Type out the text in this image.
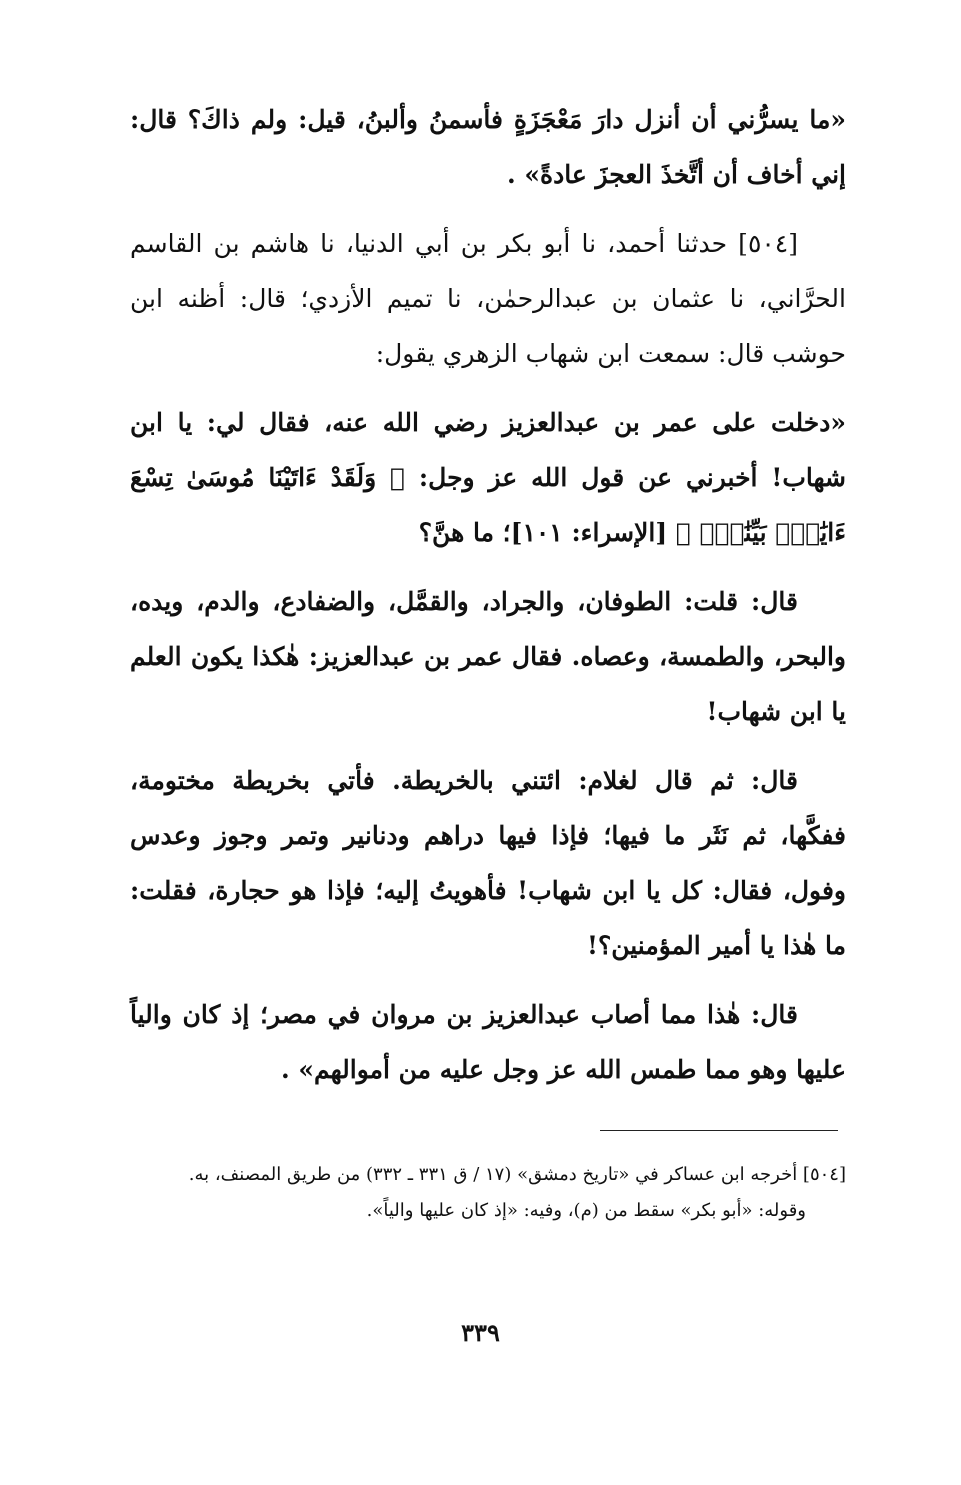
«ما يسرُّني أن أنزل دارَ مَعْجَزَةٍ فأسمنُ وألبنُ، قيل: ولم ذاكَ؟ قال: إني أخاف أن أتَّخذَ العجزَ عادةً» .

[٥٠٤] حدثنا أحمد، نا أبو بكر بن أبي الدنيا، نا هاشم بن القاسم الحرَّاني، نا عثمان بن عبدالرحمٰن، نا تميم الأزدي؛ قال: أظنه ابن حوشب قال: سمعت ابن شهاب الزهري يقول:

«دخلت على عمر بن عبدالعزيز رضي الله عنه، فقال لي: يا ابن شهاب! أخبرني عن قول الله عز وجل: ﴿ وَلَقَدْ ءَاتَيْنَا مُوسَىٰ تِسْعَ ءَايَٰتٍۭ بَيِّنَٰتٍۖ ﴾ [الإسراء: ١٠١]؛ ما هنَّ؟

قال: قلت: الطوفان، والجراد، والقمَّل، والضفادع، والدم، ويده، والبحر، والطمسة، وعصاه. فقال عمر بن عبدالعزيز: هٰكذا يكون العلم يا ابن شهاب!

قال: ثم قال لغلام: ائتني بالخريطة. فأتي بخريطة مختومة، ففكَّها، ثم نَثَر ما فيها؛ فإذا فيها دراهم ودنانير وتمر وجوز وعدس وفول، فقال: كل يا ابن شهاب! فأهويتُ إليه؛ فإذا هو حجارة، فقلت: ما هٰذا يا أمير المؤمنين؟!

قال: هٰذا مما أصاب عبدالعزيز بن مروان في مصر؛ إذ كان والياً عليها وهو مما طمس الله عز وجل عليه من أموالهم» .

[٥٠٤] أخرجه ابن عساكر في «تاريخ دمشق» (١٧ / ق ٣٣١ ـ ٣٣٢) من طريق المصنف، به.

وقوله: «أبو بكر» سقط من (م)، وفيه: «إذ كان عليها والياً».

٣٣٩
